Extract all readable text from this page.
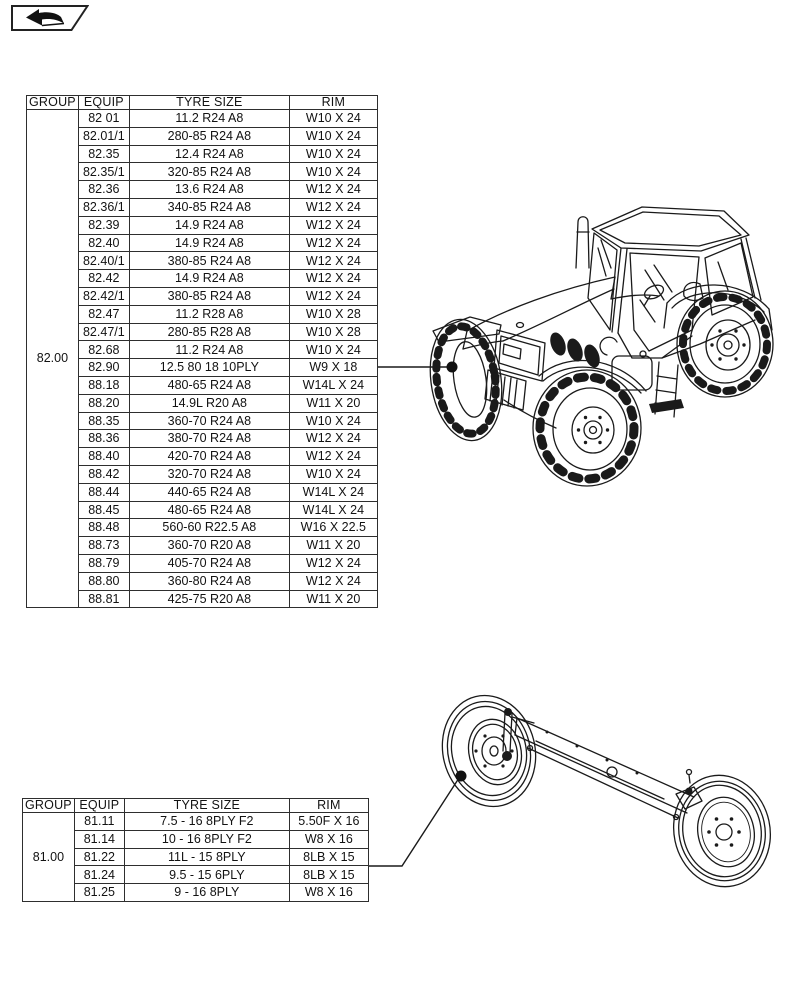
GROUP	EQUIP	TYRE SIZE	RIM
82.00	82 01	11.2 R24 A8	W10 X 24
	82.01/1	280-85 R24 A8	W10 X 24
	82.35	12.4 R24 A8	W10 X 24
	82.35/1	320-85 R24 A8	W10 X 24
	82.36	13.6 R24 A8	W12 X 24
	82.36/1	340-85 R24 A8	W12 X 24
	82.39	14.9 R24 A8	W12 X 24
	82.40	14.9 R24 A8	W12 X 24
	82.40/1	380-85 R24 A8	W12 X 24
	82.42	14.9 R24 A8	W12 X 24
	82.42/1	380-85 R24 A8	W12 X 24
	82.47	11.2 R28 A8	W10 X 28
	82.47/1	280-85 R28 A8	W10 X 28
	82.68	11.2 R24 A8	W10 X 24
	82.90	12.5 80 18 10PLY	W9 X 18
	88.18	480-65 R24 A8	W14L X 24
	88.20	14.9L R20 A8	W11 X 20
	88.35	360-70 R24 A8	W10 X 24
	88.36	380-70 R24 A8	W12 X 24
	88.40	420-70 R24 A8	W12 X 24
	88.42	320-70 R24 A8	W10 X 24
	88.44	440-65 R24 A8	W14L X 24
	88.45	480-65 R24 A8	W14L X 24
	88.48	560-60 R22.5 A8	W16 X 22.5
	88.73	360-70 R20 A8	W11 X 20
	88.79	405-70 R24 A8	W12 X 24
	88.80	360-80 R24 A8	W12 X 24
	88.81	425-75 R20 A8	W11 X 20
GROUP	EQUIP	TYRE SIZE	RIM
81.00	81.11	7.5 - 16 8PLY F2	5.50F X 16
	81.14	10 - 16 8PLY F2	W8 X 16
	81.22	11L - 15 8PLY	8LB X 15
	81.24	9.5 - 15 6PLY	8LB X 15
	81.25	9 - 16 8PLY	W8 X 16
